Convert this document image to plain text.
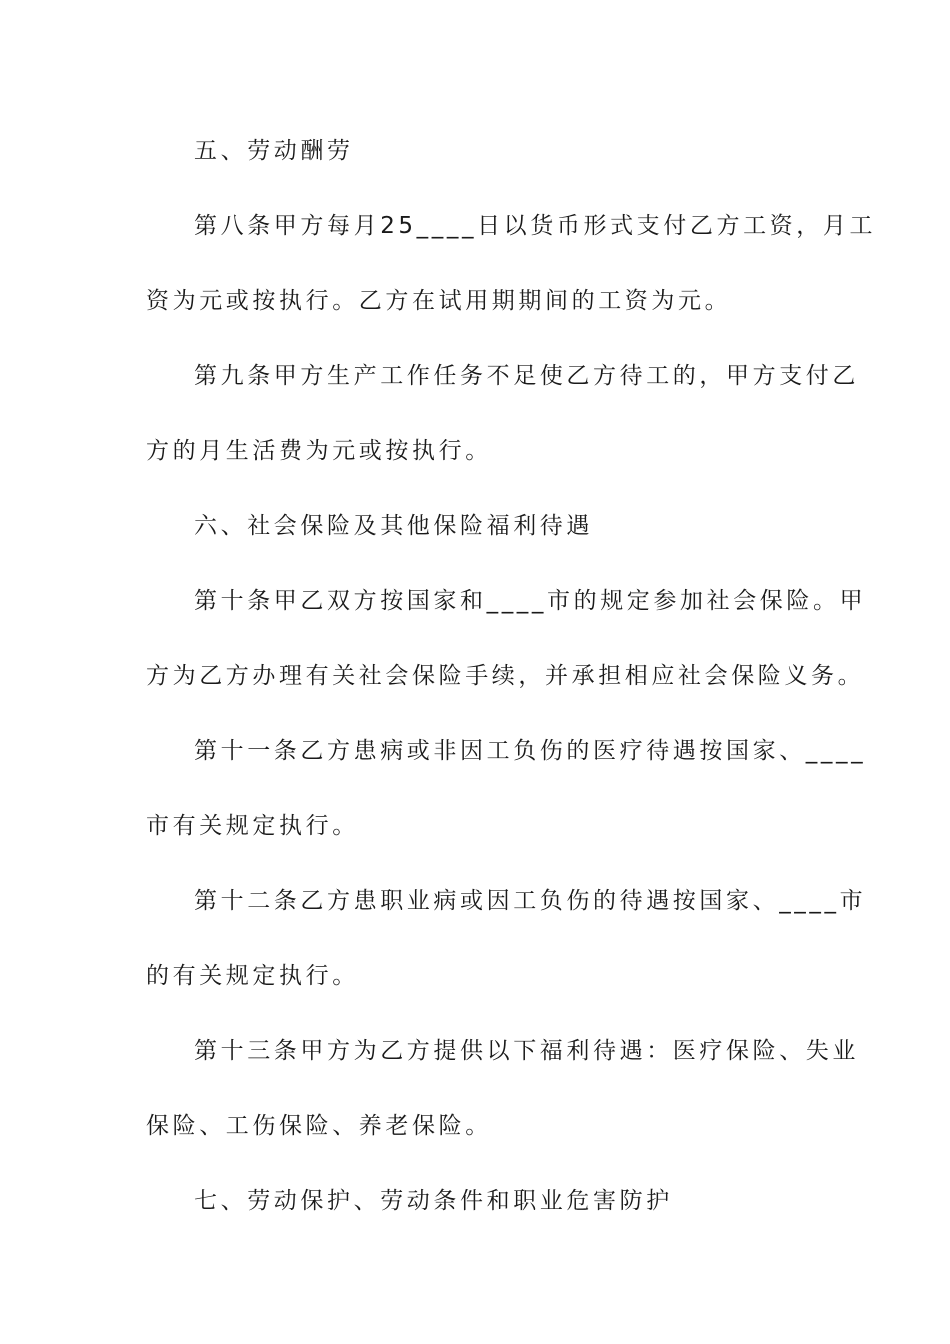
五、劳动酬劳
第八条甲方每月25____日以货币形式支付乙方工资，月工
资为元或按执行。乙方在试用期期间的工资为元。
第九条甲方生产工作任务不足使乙方待工的，甲方支付乙
方的月生活费为元或按执行。
六、社会保险及其他保险福利待遇
第十条甲乙双方按国家和____市的规定参加社会保险。甲
方为乙方办理有关社会保险手续，并承担相应社会保险义务。
第十一条乙方患病或非因工负伤的医疗待遇按国家、____
市有关规定执行。
第十二条乙方患职业病或因工负伤的待遇按国家、____市
的有关规定执行。
第十三条甲方为乙方提供以下福利待遇：医疗保险、失业
保险、工伤保险、养老保险。
七、劳动保护、劳动条件和职业危害防护
